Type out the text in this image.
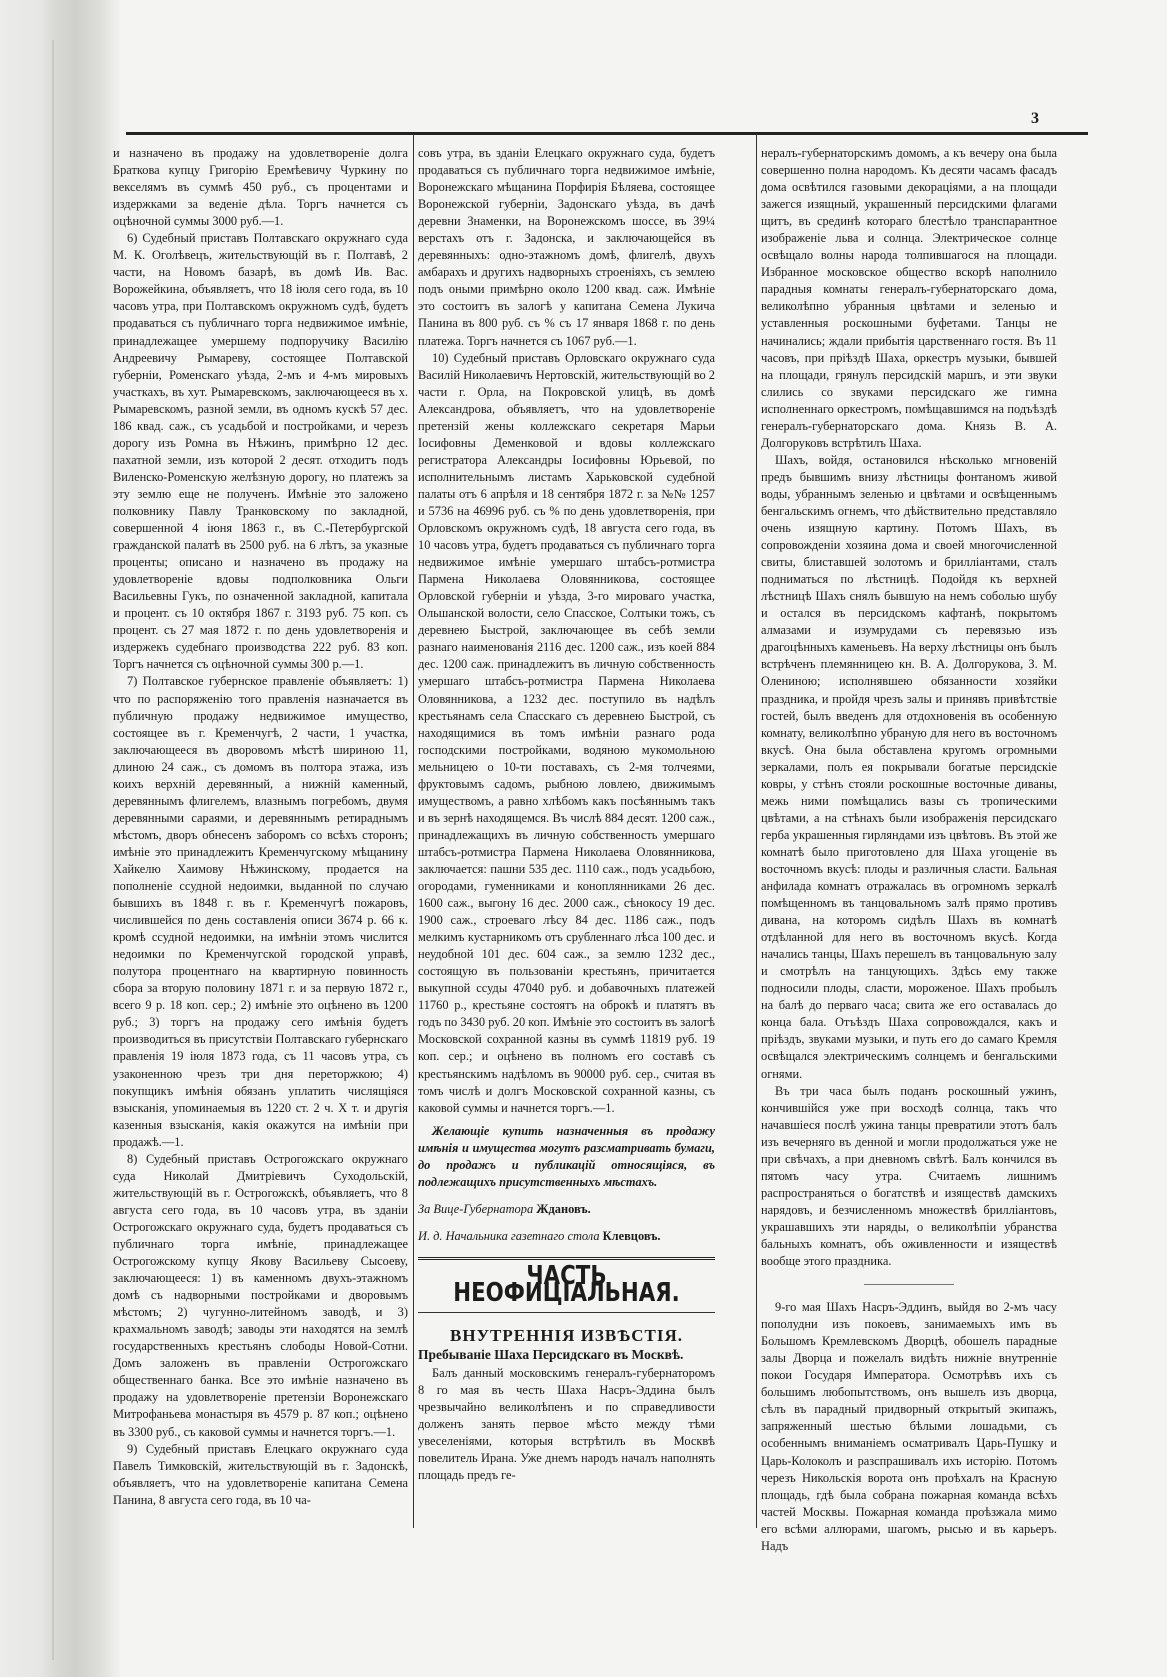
3

и назначено въ продажу на удовлетвореніе долга Браткова купцу Григорію Еремѣевичу Чуркину по векселямъ въ суммѣ 450 руб., съ процентами и издержками за веденіе дѣла. Торгъ начнется съ оцѣночной суммы 3000 руб.—1.

6) Судебный приставъ Полтавскаго окружнаго суда М. К. Оголѣвецъ, жительствующій въ г. Полтавѣ, 2 части, на Новомъ базарѣ, въ домѣ Ив. Вас. Ворожейкина, объявляетъ, что 18 іюля сего года, въ 10 часовъ утра, при Полтавскомъ окружномъ судѣ, будетъ продаваться съ публичнаго торга недвижимое имѣніе, принадлежащее умершему подпоручику Василію Андреевичу Рымареву, состоящее Полтавской губерніи, Роменскаго уѣзда, 2-мъ и 4-мъ мировыхъ участкахъ, въ хут. Рымаревскомъ, заключающееся въ х. Рымаревскомъ, разной земли, въ одномъ кускѣ 57 дес. 186 квад. саж., съ усадьбой и постройками, и черезъ дорогу изъ Ромна въ Нѣжинъ, примѣрно 12 дес. пахатной земли, изъ которой 2 десят. отходитъ подъ Виленско-Роменскую желѣзную дорогу, но платежъ за эту землю еще не полученъ. Имѣніе это заложено полковнику Павлу Транковскому по закладной, совершенной 4 іюня 1863 г., въ С.-Петербургской гражданской палатѣ въ 2500 руб. на 6 лѣтъ, за указные проценты; описано и назначено въ продажу на удовлетвореніе вдовы подполковника Ольги Васильевны Гукъ, по означенной закладной, капитала и процент. съ 10 октября 1867 г. 3193 руб. 75 коп. съ процент. съ 27 мая 1872 г. по день удовлетворенія и издержекъ судебнаго производства 222 руб. 83 коп. Торгъ начнется съ оцѣночной суммы 300 р.—1.

7) Полтавское губернское правленіе объявляетъ: 1) что по распоряженію того правленія назначается въ публичную продажу недвижимое имущество, состоящее въ г. Кременчугѣ, 2 части, 1 участка, заключающееся въ дворовомъ мѣстѣ шириною 11, длиною 24 саж., съ домомъ въ полтора этажа, изъ коихъ верхній деревянный, а нижній каменный, деревяннымъ флигелемъ, влазнымъ погребомъ, двумя деревянными сараями, и деревяннымъ ретираднымъ мѣстомъ, дворъ обнесенъ заборомъ со всѣхъ сторонъ; имѣніе это принадлежитъ Кременчугскому мѣщанину Хайкелю Хаимову Нѣжинскому, продается на пополненіе ссудной недоимки, выданной по случаю бывшихъ въ 1848 г. въ г. Кременчугѣ пожаровъ, числившейся по день составленія описи 3674 р. 66 к. кромѣ ссудной недоимки, на имѣніи этомъ числится недоимки по Кременчугской городской управѣ, полутора процентнаго на квартирную повинность сбора за вторую половину 1871 г. и за первую 1872 г., всего 9 р. 18 коп. сер.; 2) имѣніе это оцѣнено въ 1200 руб.; 3) торгъ на продажу сего имѣнія будетъ производиться въ присутствіи Полтавскаго губернскаго правленія 19 іюля 1873 года, съ 11 часовъ утра, съ узаконенною чрезъ три дня переторжкою; 4) покупщикъ имѣнія обязанъ уплатить числящіяся взысканія, упоминаемыя въ 1220 ст. 2 ч. X т. и другія казенныя взысканія, какія окажутся на имѣніи при продажѣ.—1.

8) Судебный приставъ Острогожскаго окружнаго суда Николай Дмитріевичъ Суходольскій, жительствующій въ г. Острогожскѣ, объявляетъ, что 8 августа сего года, въ 10 часовъ утра, въ зданіи Острогожскаго окружнаго суда, будетъ продаваться съ публичнаго торга имѣніе, принадлежащее Острогожскому купцу Якову Васильеву Сысоеву, заключающееся: 1) въ каменномъ двухъ-этажномъ домѣ съ надворными постройками и дворовымъ мѣстомъ; 2) чугунно-литейномъ заводѣ, и 3) крахмальномъ заводѣ; заводы эти находятся на землѣ государственныхъ крестьянъ слободы Новой-Сотни. Домъ заложенъ въ правленіи Острогожскаго общественнаго банка. Все это имѣніе назначено въ продажу на удовлетвореніе претензіи Воронежскаго Митрофаньева монастыря въ 4579 р. 87 коп.; оцѣнено въ 3300 руб., съ каковой суммы и начнется торгъ.—1.

9) Судебный приставъ Елецкаго окружнаго суда Павелъ Тимковскій, жительствующій въ г. Задонскѣ, объявляетъ, что на удовлетвореніе капитана Семена Панина, 8 августа сего года, въ 10 ча-

совъ утра, въ зданіи Елецкаго окружнаго суда, будетъ продаваться съ публичнаго торга недвижимое имѣніе, Воронежскаго мѣщанина Порфирія Бѣляева, состоящее Воронежской губерніи, Задонскаго уѣзда, въ дачѣ деревни Знаменки, на Воронежскомъ шоссе, въ 39¼ верстахъ отъ г. Задонска, и заключающейся въ деревянныхъ: одно-этажномъ домѣ, флигелѣ, двухъ амбарахъ и другихъ надворныхъ строеніяхъ, съ землею подъ оными примѣрно около 1200 квад. саж. Имѣніе это состоитъ въ залогѣ у капитана Семена Лукича Панина въ 800 руб. съ % съ 17 января 1868 г. по день платежа. Торгъ начнется съ 1067 руб.—1.

10) Судебный приставъ Орловскаго окружнаго суда Василій Николаевичъ Нертовскій, жительствующій во 2 части г. Орла, на Покровской улицѣ, въ домѣ Александрова, объявляетъ, что на удовлетвореніе претензій жены коллежскаго секретаря Марьи Іосифовны Деменковой и вдовы коллежскаго регистратора Александры Іосифовны Юрьевой, по исполнительнымъ листамъ Харьковской судебной палаты отъ 6 апрѣля и 18 сентября 1872 г. за №№ 1257 и 5736 на 46996 руб. съ % по день удовлетворенія, при Орловскомъ окружномъ судѣ, 18 августа сего года, въ 10 часовъ утра, будетъ продаваться съ публичнаго торга недвижимое имѣніе умершаго штабсъ-ротмистра Пармена Николаева Оловянникова, состоящее Орловской губерніи и уѣзда, 3-го мироваго участка, Ольшанской волости, село Спасское, Солтыки тожъ, съ деревнею Быстрой, заключающее въ себѣ земли разнаго наименованія 2116 дес. 1200 саж., изъ коей 884 дес. 1200 саж. принадлежитъ въ личную собственность умершаго штабсъ-ротмистра Пармена Николаева Оловянникова, а 1232 дес. поступило въ надѣлъ крестьянамъ села Спасскаго съ деревнею Быстрой, съ находящимися въ томъ имѣніи разнаго рода господскими постройками, водяною мукомольною мельницею о 10-ти поставахъ, съ 2-мя толчеями, фруктовымъ садомъ, рыбною ловлею, движимымъ имуществомъ, а равно хлѣбомъ какъ посѣяннымъ такъ и въ зернѣ находящемся. Въ числѣ 884 десят. 1200 саж., принадлежащихъ въ личную собственность умершаго штабсъ-ротмистра Пармена Николаева Оловянникова, заключается: пашни 535 дес. 1110 саж., подъ усадьбою, огородами, гуменниками и коноплянниками 26 дес. 1600 саж., выгону 16 дес. 2000 саж., сѣнокосу 19 дес. 1900 саж., строеваго лѣсу 84 дес. 1186 саж., подъ мелкимъ кустарникомъ отъ срубленнаго лѣса 100 дес. и неудобной 101 дес. 604 саж., за землю 1232 дес., состоящую въ пользованіи крестьянъ, причитается выкупной ссуды 47040 руб. и добавочныхъ платежей 11760 р., крестьяне состоятъ на оброкѣ и платятъ въ годъ по 3430 руб. 20 коп. Имѣніе это состоитъ въ залогѣ Московской сохранной казны въ суммѣ 11819 руб. 19 коп. сер.; и оцѣнено въ полномъ его составѣ съ крестьянскимъ надѣломъ въ 90000 руб. сер., считая въ томъ числѣ и долгъ Московской сохранной казны, съ каковой суммы и начнется торгъ.—1.

Желающіе купить назначенныя въ продажу имѣнія и имущества могутъ разсматривать бумаги, до продажъ и публикацій относящіяся, въ подлежащихъ присутственныхъ мѣстахъ.

За Вице-Губернатора Ждановъ.

И. д. Начальника газетнаго стола Клевцовъ.

ЧАСТЬ НЕОФИЦІАЛЬНАЯ.
ВНУТРЕННІЯ ИЗВѢСТІЯ.
Пребываніе Шаха Персидскаго въ Москвѣ.

Балъ данный московскимъ генералъ-губернаторомъ 8 го мая въ честь Шаха Насръ-Эддина былъ чрезвычайно великолѣпенъ и по справедливости долженъ занять первое мѣсто между тѣми увеселеніями, которыя встрѣтилъ въ Москвѣ повелитель Ирана. Уже днемъ народъ началъ наполнять площадь предъ ге-

нералъ-губернаторскимъ домомъ, а къ вечеру она была совершенно полна народомъ. Къ десяти часамъ фасадъ дома освѣтился газовыми декораціями, а на площади зажегся изящный, украшенный персидскими флагами щитъ, въ срединѣ котораго блестѣло транспарантное изображеніе льва и солнца. Электрическое солнце освѣщало волны народа толпившагося на площади. Избранное московское общество вскорѣ наполнило парадныя комнаты генералъ-губернаторскаго дома, великолѣпно убранныя цвѣтами и зеленью и уставленныя роскошными буфетами. Танцы не начинались; ждали прибытія царственнаго гостя. Въ 11 часовъ, при пріѣздѣ Шаха, оркестръ музыки, бывшей на площади, грянулъ персидскій маршъ, и эти звуки слились со звуками персидскаго же гимна исполненнаго оркестромъ, помѣщавшимся на подъѣздѣ генералъ-губернаторскаго дома. Князь В. А. Долгоруковъ встрѣтилъ Шаха.

Шахъ, войдя, остановился нѣсколько мгновеній предъ бывшимъ внизу лѣстницы фонтаномъ живой воды, убраннымъ зеленью и цвѣтами и освѣщеннымъ бенгальскимъ огнемъ, что дѣйствительно представляло очень изящную картину. Потомъ Шахъ, въ сопровожденіи хозяина дома и своей многочисленной свиты, блиставшей золотомъ и брилліантами, сталъ подниматься по лѣстницѣ. Подойдя къ верхней лѣстницѣ Шахъ снялъ бывшую на немъ соболью шубу и остался въ персидскомъ кафтанѣ, покрытомъ алмазами и изумрудами съ перевязью изъ драгоцѣнныхъ каменьевъ. На верху лѣстницы онъ былъ встрѣченъ племянницею кн. В. А. Долгорукова, З. М. Олениною; исполнявшею обязанности хозяйки праздника, и пройдя чрезъ залы и принявъ привѣтствіе гостей, былъ введенъ для отдохновенія въ особенную комнату, великолѣпно убраную для него въ восточномъ вкусѣ. Она была обставлена кругомъ огромными зеркалами, полъ ея покрывали богатые персидскіе ковры, у стѣнъ стояли роскошные восточные диваны, межь ними помѣщались вазы съ тропическими цвѣтами, а на стѣнахъ были изображенія персидскаго герба украшенныя гирляндами изъ цвѣтовъ. Въ этой же комнатѣ было приготовлено для Шаха угощеніе въ восточномъ вкусѣ: плоды и различныя сласти. Бальная анфилада комнатъ отражалась въ огромномъ зеркалѣ помѣщенномъ въ танцовальномъ залѣ прямо противъ дивана, на которомъ сидѣлъ Шахъ въ комнатѣ отдѣланной для него въ восточномъ вкусѣ. Когда начались танцы, Шахъ перешелъ въ танцовальную залу и смотрѣлъ на танцующихъ. Здѣсь ему также подносили плоды, сласти, мороженое. Шахъ пробылъ на балѣ до перваго часа; свита же его оставалась до конца бала. Отъѣздъ Шаха сопровождался, какъ и пріѣздъ, звуками музыки, и путь его до самаго Кремля освѣщался электрическимъ солнцемъ и бенгальскими огнями.

Въ три часа былъ поданъ роскошный ужинъ, кончившійся уже при восходѣ солнца, такъ что начавшіеся послѣ ужина танцы превратили этотъ балъ изъ вечерняго въ денной и могли продолжаться уже не при свѣчахъ, а при дневномъ свѣтѣ. Балъ кончился въ пятомъ часу утра. Считаемъ лишнимъ распространяться о богатствѣ и изяществѣ дамскихъ нарядовъ, и безчисленномъ множествѣ брилліантовъ, украшавшихъ эти наряды, о великолѣпіи убранства бальныхъ комнатъ, объ оживленности и изяществѣ вообще этого праздника.

9-го мая Шахъ Насръ-Эддинъ, выйдя во 2-мъ часу пополудни изъ покоевъ, занимаемыхъ имъ въ Большомъ Кремлевскомъ Дворцѣ, обошелъ парадные залы Дворца и пожелалъ видѣть нижніе внутренніе покои Государя Императора. Осмотрѣвъ ихъ съ большимъ любопытствомъ, онъ вышелъ изъ дворца, сѣлъ въ парадный придворный открытый экипажъ, запряженный шестью бѣлыми лошадьми, съ особеннымъ вниманіемъ осматривалъ Царь-Пушку и Царь-Колоколъ и разспрашивалъ ихъ исторію. Потомъ черезъ Никольскія ворота онъ проѣхалъ на Красную площадь, гдѣ была собрана пожарная команда всѣхъ частей Москвы. Пожарная команда проѣзжала мимо его всѣми аллюрами, шагомъ, рысью и въ карьеръ. Надъ
